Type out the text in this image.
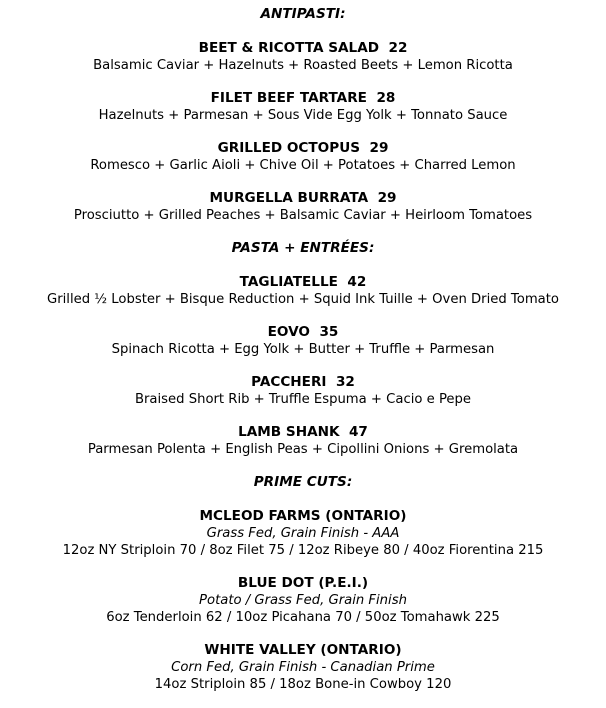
ANTIPASTI:
BEET & RICOTTA SALAD 22
Balsamic Caviar + Hazelnuts + Roasted Beets + Lemon Ricotta
FILET BEEF TARTARE 28
Hazelnuts + Parmesan + Sous Vide Egg Yolk + Tonnato Sauce
GRILLED OCTOPUS 29
Romesco + Garlic Aioli + Chive Oil + Potatoes + Charred Lemon
MURGELLA BURRATA 29
Prosciutto + Grilled Peaches + Balsamic Caviar + Heirloom Tomatoes
PASTA + ENTRÉES:
TAGLIATELLE 42
Grilled ½ Lobster + Bisque Reduction + Squid Ink Tuille + Oven Dried Tomato
EOVO 35
Spinach Ricotta + Egg Yolk + Butter + Truffle + Parmesan
PACCHERI 32
Braised Short Rib + Truffle Espuma + Cacio e Pepe
LAMB SHANK 47
Parmesan Polenta + English Peas + Cipollini Onions + Gremolata
PRIME CUTS:
MCLEOD FARMS (ONTARIO)
Grass Fed, Grain Finish - AAA
12oz NY Striploin 70 / 8oz Filet 75 / 12oz Ribeye 80 / 40oz Fiorentina 215
BLUE DOT (P.E.I.)
Potato / Grass Fed, Grain Finish
6oz Tenderloin 62 / 10oz Picahana 70 / 50oz Tomahawk 225
WHITE VALLEY (ONTARIO)
Corn Fed, Grain Finish - Canadian Prime
14oz Striploin 85 / 18oz Bone-in Cowboy 120
